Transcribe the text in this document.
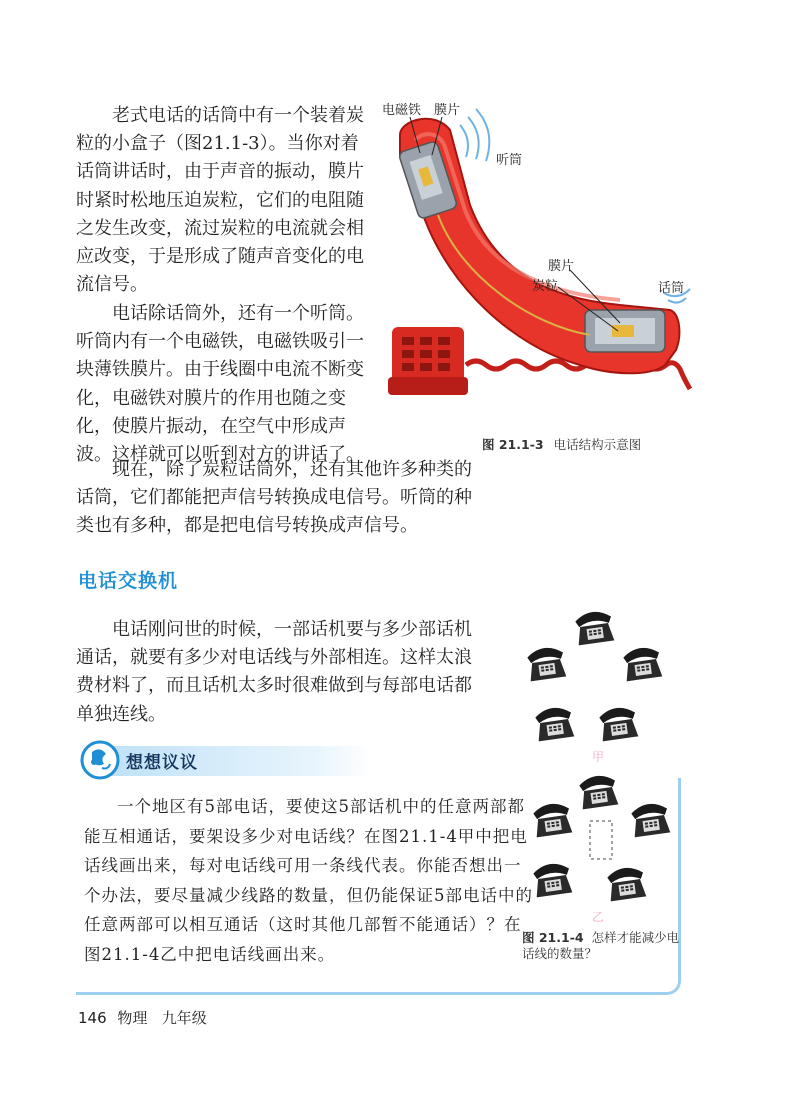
老式电话的话筒中有一个装着炭粒的小盒子（图21.1-3）。当你对着话筒讲话时，由于声音的振动，膜片时紧时松地压迫炭粒，它们的电阻随之发生改变，流过炭粒的电流就会相应改变，于是形成了随声音变化的电流信号。

电话除话筒外，还有一个听筒。听筒内有一个电磁铁，电磁铁吸引一块薄铁膜片。由于线圈中电流不断变化，电磁铁对膜片的作用也随之变化，使膜片振动，在空气中形成声波。这样就可以听到对方的讲话了。

电磁铁 膜片
听筒
膜片
炭粒	话筒
图 21.1-3 电话结构示意图

现在，除了炭粒话筒外，还有其他许多种类的话筒，它们都能把声信号转换成电信号。听筒的种类也有多种，都是把电信号转换成声信号。

电话交换机

电话刚问世的时候，一部话机要与多少部话机通话，就要有多少对电话线与外部相连。这样太浪费材料了，而且话机太多时很难做到与每部电话都单独连线。

想想议议

一个地区有5部电话，要使这5部话机中的任意两部都能互相通话，要架设多少对电话线？在图21.1-4甲中把电话线画出来，每对电话线可用一条线代表。你能否想出一个办法，要尽量减少线路的数量，但仍能保证5部电话中的任意两部可以相互通话（这时其他几部暂不能通话）？在图21.1-4乙中把电话线画出来。

甲
乙
图 21.1-4 怎样才能减少电话线的数量？
146 物理 九年级
